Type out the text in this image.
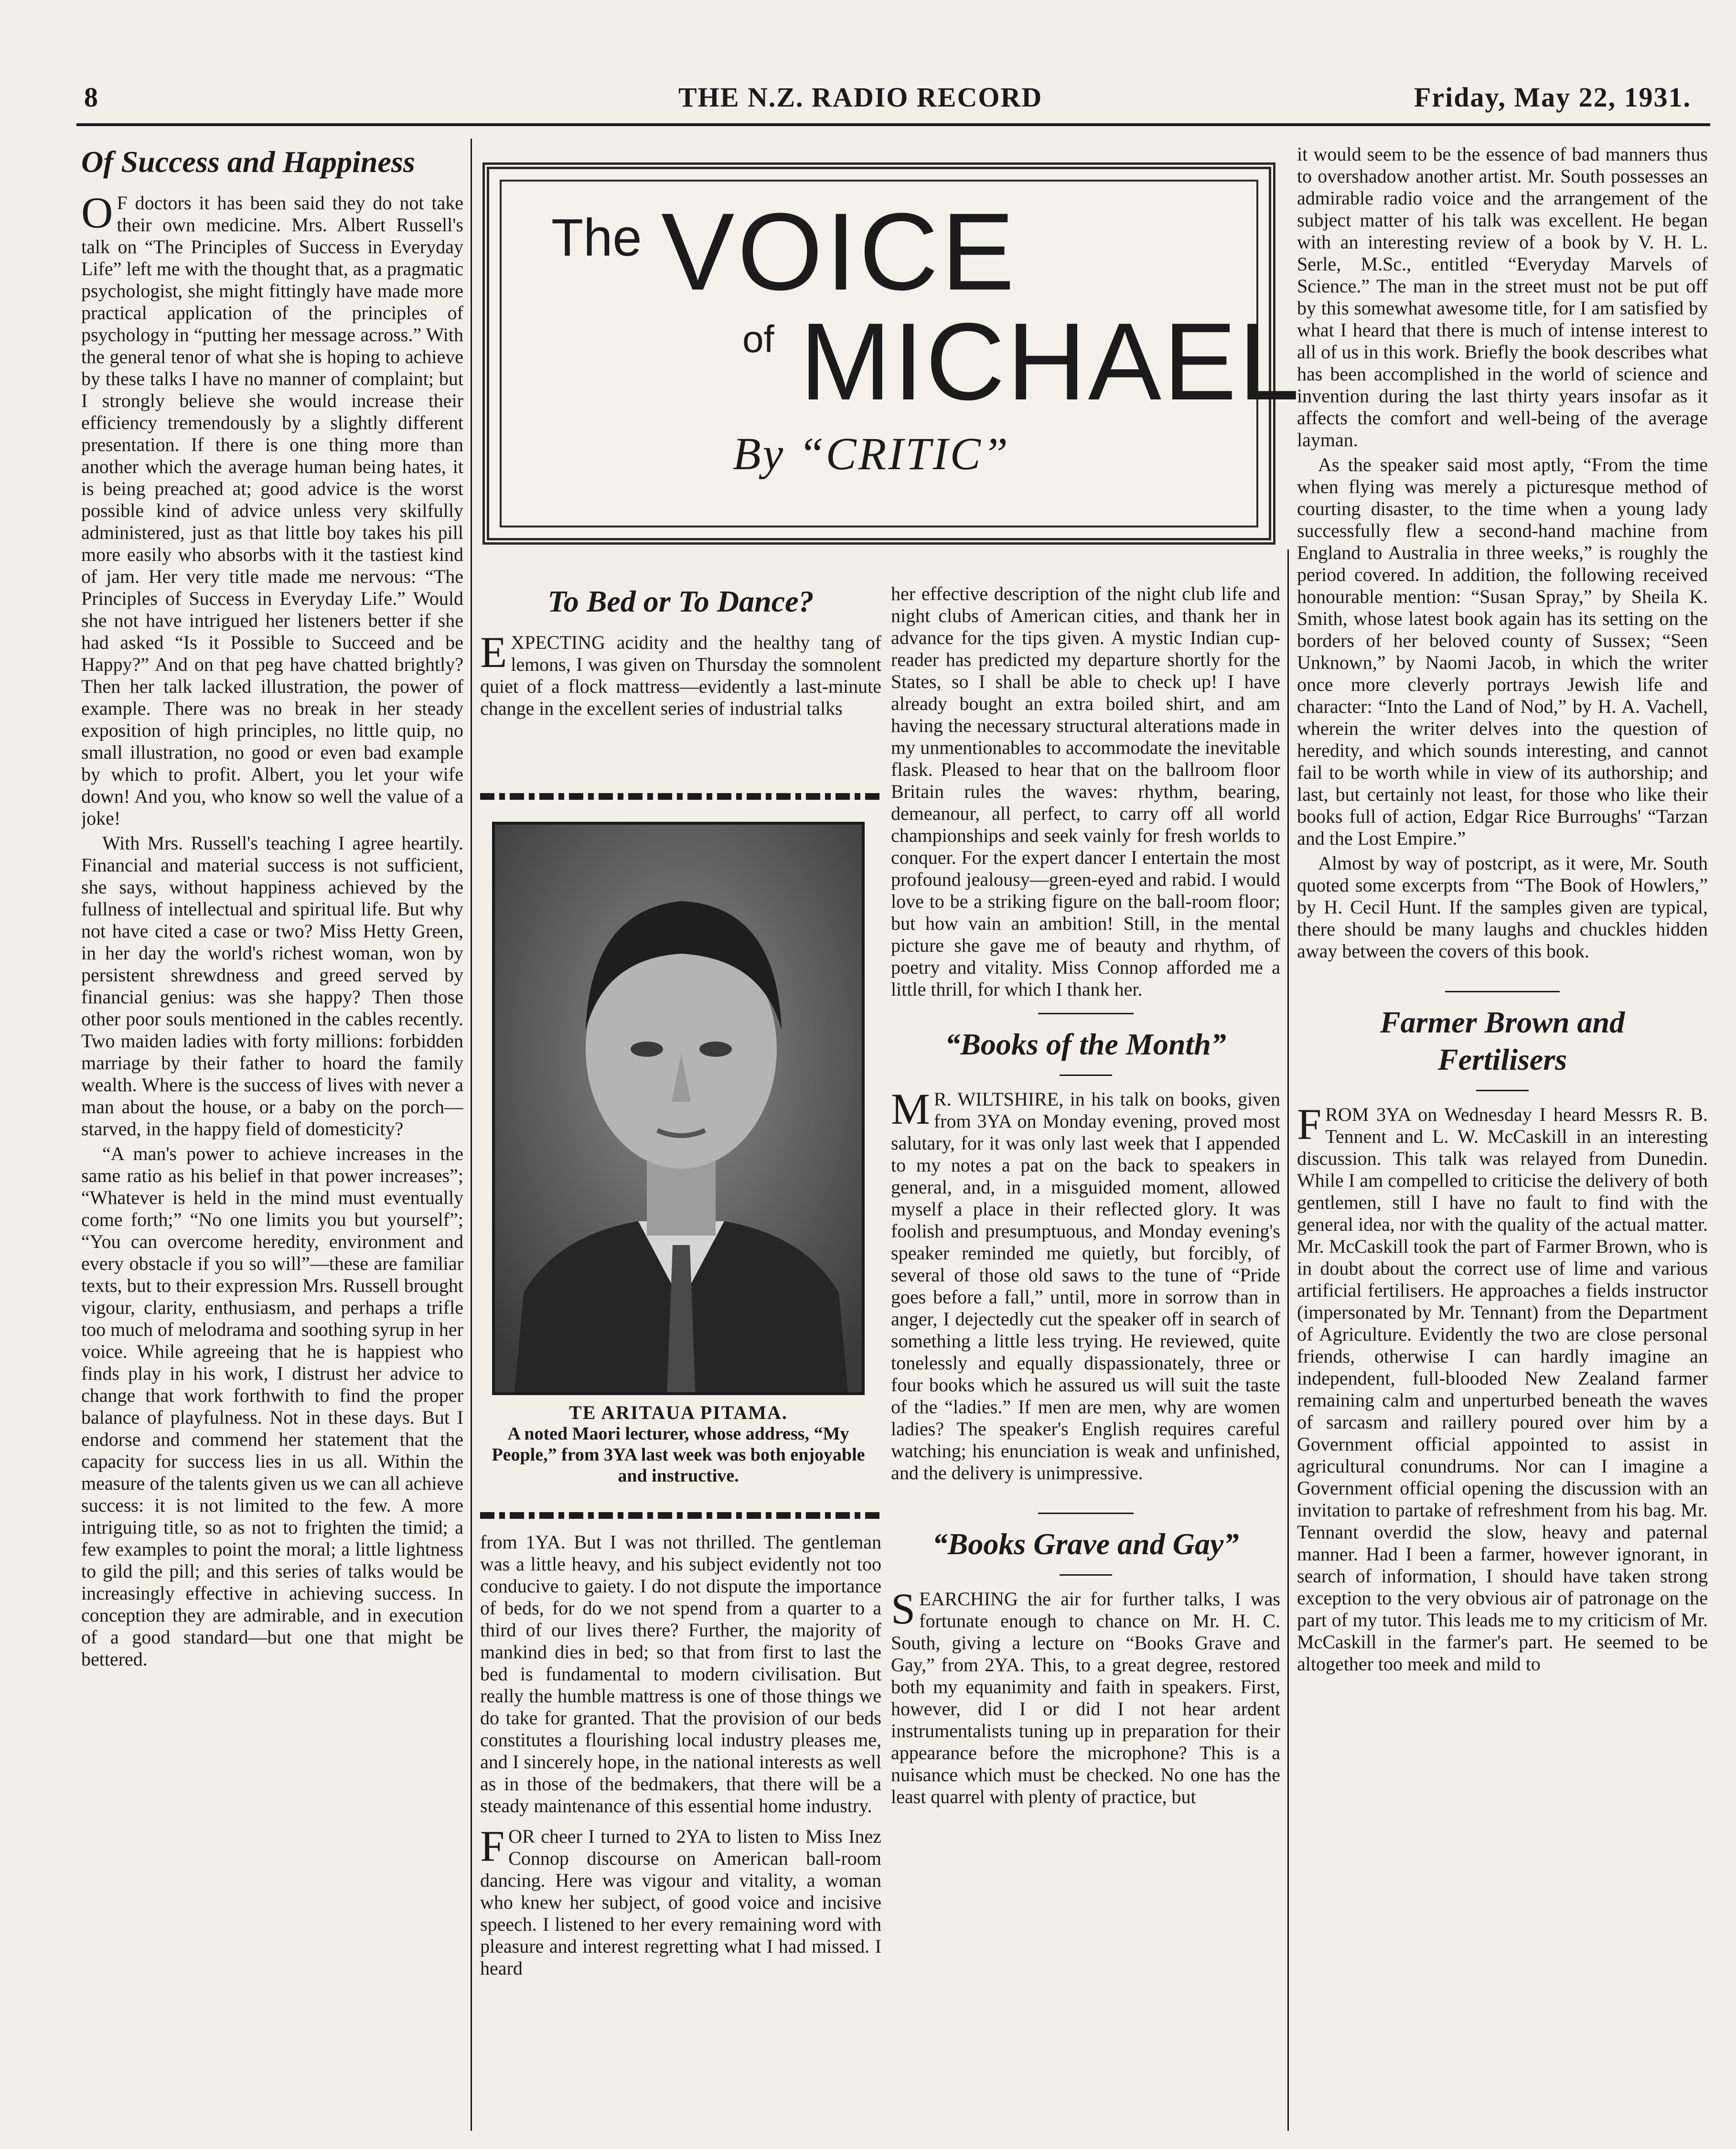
8	THE N.Z. RADIO RECORD	Friday, May 22, 1931.
The VOICE
of MICHAEL
By “CRITIC”
Of Success and Happiness

O F doctors it has been said they do not take their own medicine. Mrs. Albert Russell's talk on “The Principles of Success in Everyday Life” left me with the thought that, as a pragmatic psychologist, she might fittingly have made more practical application of the principles of psychology in “putting her message across.” With the general tenor of what she is hoping to achieve by these talks I have no manner of complaint; but I strongly believe she would increase their efficiency tremendously by a slightly different presentation. If there is one thing more than another which the average human being hates, it is being preached at; good advice is the worst possible kind of advice unless very skilfully administered, just as that little boy takes his pill more easily who absorbs with it the tastiest kind of jam. Her very title made me nervous: “The Principles of Success in Everyday Life.” Would she not have intrigued her listeners better if she had asked “Is it Possible to Succeed and be Happy?” And on that peg have chatted brightly? Then her talk lacked illustration, the power of example. There was no break in her steady exposition of high principles, no little quip, no small illustration, no good or even bad example by which to profit. Albert, you let your wife down! And you, who know so well the value of a joke!

With Mrs. Russell's teaching I agree heartily. Financial and material success is not sufficient, she says, without happiness achieved by the fullness of intellectual and spiritual life. But why not have cited a case or two? Miss Hetty Green, in her day the world's richest woman, won by persistent shrewdness and greed served by financial genius: was she happy? Then those other poor souls mentioned in the cables recently. Two maiden ladies with forty millions: forbidden marriage by their father to hoard the family wealth. Where is the success of lives with never a man about the house, or a baby on the porch—starved, in the happy field of domesticity?

“A man's power to achieve increases in the same ratio as his belief in that power increases”; “Whatever is held in the mind must eventually come forth;” “No one limits you but yourself”; “You can overcome heredity, environment and every obstacle if you so will”—these are familiar texts, but to their expression Mrs. Russell brought vigour, clarity, enthusiasm, and perhaps a trifle too much of melodrama and soothing syrup in her voice. While agreeing that he is happiest who finds play in his work, I distrust her advice to change that work forthwith to find the proper balance of playfulness. Not in these days. But I endorse and commend her statement that the capacity for success lies in us all. Within the measure of the talents given us we can all achieve success: it is not limited to the few. A more intriguing title, so as not to frighten the timid; a few examples to point the moral; a little lightness to gild the pill; and this series of talks would be increasingly effective in achieving success. In conception they are admirable, and in execution of a good standard—but one that might be bettered.

To Bed or To Dance?

EXPECTING acidity and the healthy tang of lemons, I was given on Thursday the somnolent quiet of a flock mattress—evidently a last-minute change in the excellent series of industrial talks

TE ARITAUA PITAMA.
A noted Maori lecturer, whose address, “My People,” from 3YA last week was both enjoyable and instructive.

from 1YA. But I was not thrilled. The gentleman was a little heavy, and his subject evidently not too conducive to gaiety. I do not dispute the importance of beds, for do we not spend from a quarter to a third of our lives there? Further, the majority of mankind dies in bed; so that from first to last the bed is fundamental to modern civilisation. But really the humble mattress is one of those things we do take for granted. That the provision of our beds constitutes a flourishing local industry pleases me, and I sincerely hope, in the national interests as well as in those of the bedmakers, that there will be a steady maintenance of this essential home industry.

FOR cheer I turned to 2YA to listen to Miss Inez Connop discourse on American ball-room dancing. Here was vigour and vitality, a woman who knew her subject, of good voice and incisive speech. I listened to her every remaining word with pleasure and interest regretting what I had missed. I heard

her effective description of the night club life and night clubs of American cities, and thank her in advance for the tips given. A mystic Indian cup-reader has predicted my departure shortly for the States, so I shall be able to check up! I have already bought an extra boiled shirt, and am having the necessary structural alterations made in my unmentionables to accommodate the inevitable flask. Pleased to hear that on the ballroom floor Britain rules the waves: rhythm, bearing, demeanour, all perfect, to carry off all world championships and seek vainly for fresh worlds to conquer. For the expert dancer I entertain the most profound jealousy—green-eyed and rabid. I would love to be a striking figure on the ball-room floor; but how vain an ambition! Still, in the mental picture she gave me of beauty and rhythm, of poetry and vitality. Miss Connop afforded me a little thrill, for which I thank her.

“Books of the Month”

M R. WILTSHIRE, in his talk on books, given from 3YA on Monday evening, proved most salutary, for it was only last week that I appended to my notes a pat on the back to speakers in general, and, in a misguided moment, allowed myself a place in their reflected glory. It was foolish and presumptuous, and Monday evening's speaker reminded me quietly, but forcibly, of several of those old saws to the tune of “Pride goes before a fall,” until, more in sorrow than in anger, I dejectedly cut the speaker off in search of something a little less trying. He reviewed, quite tonelessly and equally dispassionately, three or four books which he assured us will suit the taste of the “ladies.” If men are men, why are women ladies? The speaker's English requires careful watching; his enunciation is weak and unfinished, and the delivery is unimpressive.

“Books Grave and Gay”

SEARCHING the air for further talks, I was fortunate enough to chance on Mr. H. C. South, giving a lecture on “Books Grave and Gay,” from 2YA. This, to a great degree, restored both my equanimity and faith in speakers. First, however, did I or did I not hear ardent instrumentalists tuning up in preparation for their appearance before the microphone? This is a nuisance which must be checked. No one has the least quarrel with plenty of practice, but

it would seem to be the essence of bad manners thus to overshadow another artist. Mr. South possesses an admirable radio voice and the arrangement of the subject matter of his talk was excellent. He began with an interesting review of a book by V. H. L. Serle, M.Sc., entitled “Everyday Marvels of Science.” The man in the street must not be put off by this somewhat awesome title, for I am satisfied by what I heard that there is much of intense interest to all of us in this work. Briefly the book describes what has been accomplished in the world of science and invention during the last thirty years insofar as it affects the comfort and well-being of the average layman.

As the speaker said most aptly, “From the time when flying was merely a picturesque method of courting disaster, to the time when a young lady successfully flew a second-hand machine from England to Australia in three weeks,” is roughly the period covered. In addition, the following received honourable mention: “Susan Spray,” by Sheila K. Smith, whose latest book again has its setting on the borders of her beloved county of Sussex; “Seen Unknown,” by Naomi Jacob, in which the writer once more cleverly portrays Jewish life and character: “Into the Land of Nod,” by H. A. Vachell, wherein the writer delves into the question of heredity, and which sounds interesting, and cannot fail to be worth while in view of its authorship; and last, but certainly not least, for those who like their books full of action, Edgar Rice Burroughs' “Tarzan and the Lost Empire.”

Almost by way of postcript, as it were, Mr. South quoted some excerpts from “The Book of Howlers,” by H. Cecil Hunt. If the samples given are typical, there should be many laughs and chuckles hidden away between the covers of this book.

Farmer Brown and
Fertilisers

FROM 3YA on Wednesday I heard Messrs R. B. Tennent and L. W. McCaskill in an interesting discussion. This talk was relayed from Dunedin. While I am compelled to criticise the delivery of both gentlemen, still I have no fault to find with the general idea, nor with the quality of the actual matter. Mr. McCaskill took the part of Farmer Brown, who is in doubt about the correct use of lime and various artificial fertilisers. He approaches a fields instructor (impersonated by Mr. Tennant) from the Department of Agriculture. Evidently the two are close personal friends, otherwise I can hardly imagine an independent, full-blooded New Zealand farmer remaining calm and unperturbed beneath the waves of sarcasm and raillery poured over him by a Government official appointed to assist in agricultural conundrums. Nor can I imagine a Government official opening the discussion with an invitation to partake of refreshment from his bag. Mr. Tennant overdid the slow, heavy and paternal manner. Had I been a farmer, however ignorant, in search of information, I should have taken strong exception to the very obvious air of patronage on the part of my tutor. This leads me to my criticism of Mr. McCaskill in the farmer's part. He seemed to be altogether too meek and mild to
